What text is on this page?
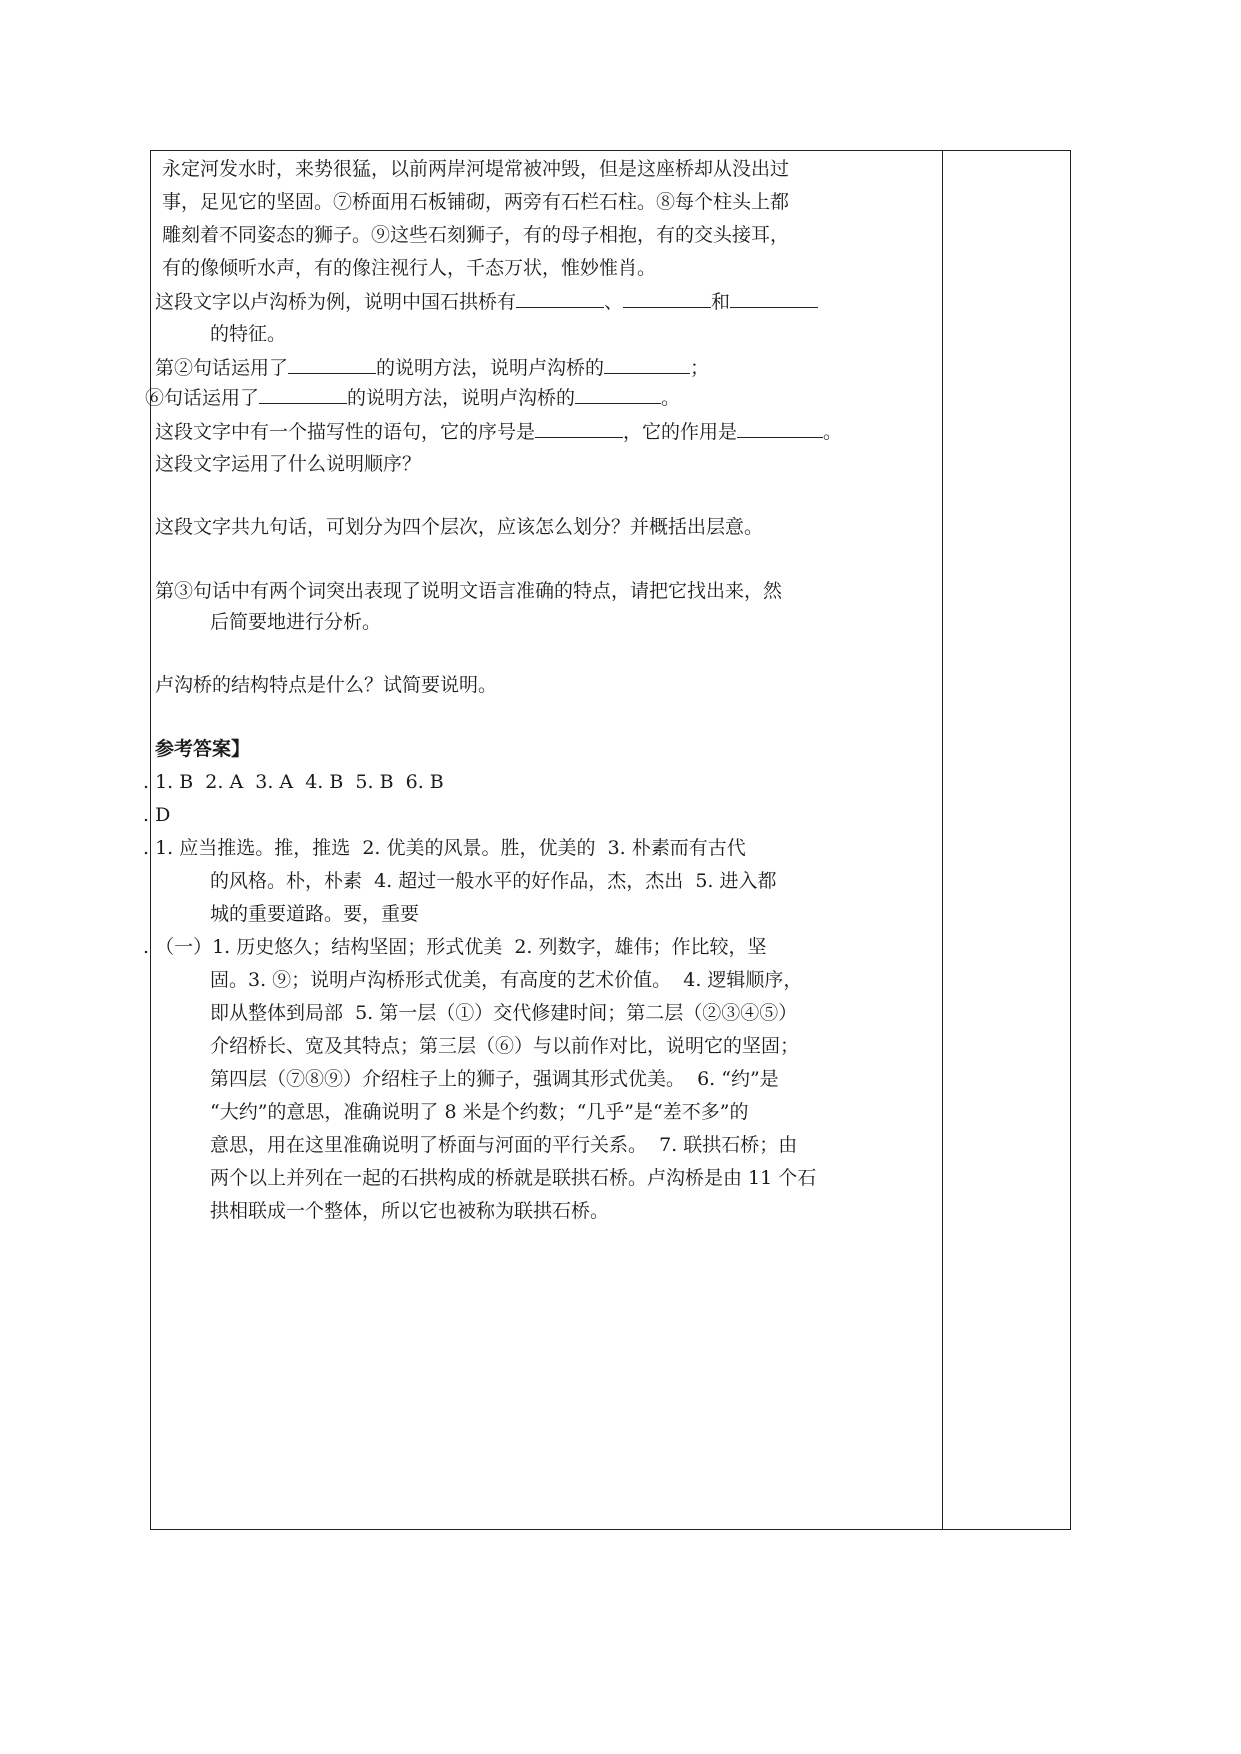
永定河发水时，来势很猛，以前两岸河堤常被冲毁，但是这座桥却从没出过
事，足见它的坚固。⑦桥面用石板铺砌，两旁有石栏石柱。⑧每个柱头上都
雕刻着不同姿态的狮子。⑨这些石刻狮子，有的母子相抱，有的交头接耳，
有的像倾听水声，有的像注视行人，千态万状，惟妙惟肖。
这段文字以卢沟桥为例，说明中国石拱桥有	、	和
的特征。
第②句话运用了	的说明方法，说明卢沟桥的	；
⑥句话运用了	的说明方法，说明卢沟桥的	。
这段文字中有一个描写性的语句，它的序号是	，它的作用是	。
这段文字运用了什么说明顺序？
这段文字共九句话，可划分为四个层次，应该怎么划分？并概括出层意。
第③句话中有两个词突出表现了说明文语言准确的特点，请把它找出来，然
后简要地进行分析。
卢沟桥的结构特点是什么？试简要说明。
参考答案】
. 1. B  2. A  3. A  4. B  5. B  6. B
. D
. 1. 应当推选。推，推选  2. 优美的风景。胜，优美的  3. 朴素而有古代
的风格。朴，朴素  4. 超过一般水平的好作品，杰，杰出  5. 进入都
城的重要道路。要，重要
. （一）1. 历史悠久；结构坚固；形式优美  2. 列数字，雄伟；作比较，坚
固。3. ⑨；说明卢沟桥形式优美，有高度的艺术价值。  4. 逻辑顺序，
即从整体到局部  5. 第一层（①）交代修建时间；第二层（②③④⑤）
介绍桥长、宽及其特点；第三层（⑥）与以前作对比，说明它的坚固；
第四层（⑦⑧⑨）介绍柱子上的狮子，强调其形式优美。  6. “约”是
“大约”的意思，准确说明了 8 米是个约数；“几乎”是“差不多”的
意思，用在这里准确说明了桥面与河面的平行关系。  7. 联拱石桥；由
两个以上并列在一起的石拱构成的桥就是联拱石桥。卢沟桥是由 11 个石
拱相联成一个整体，所以它也被称为联拱石桥。
